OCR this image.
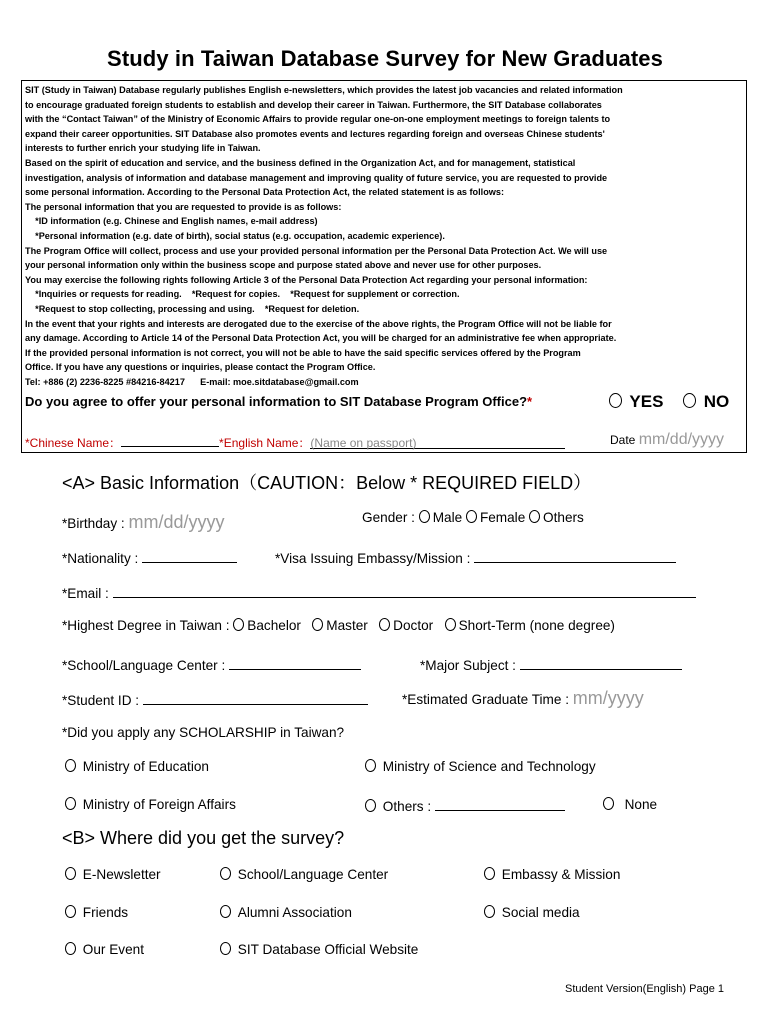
Study in Taiwan Database Survey for New Graduates
SIT (Study in Taiwan) Database regularly publishes English e-newsletters, which provides the latest job vacancies and related information
to encourage graduated foreign students to establish and develop their career in Taiwan. Furthermore, the SIT Database collaborates
with the “Contact Taiwan” of the Ministry of Economic Affairs to provide regular one-on-one employment meetings to foreign talents to
expand their career opportunities. SIT Database also promotes events and lectures regarding foreign and overseas Chinese students'
interests to further enrich your studying life in Taiwan.
Based on the spirit of education and service, and the business defined in the Organization Act, and for management, statistical
investigation, analysis of information and database management and improving quality of future service, you are requested to provide
some personal information. According to the Personal Data Protection Act, the related statement is as follows:
The personal information that you are requested to provide is as follows:
*ID information (e.g. Chinese and English names, e-mail address)
*Personal information (e.g. date of birth), social status (e.g. occupation, academic experience).
The Program Office will collect, process and use your provided personal information per the Personal Data Protection Act. We will use
your personal information only within the business scope and purpose stated above and never use for other purposes.
You may exercise the following rights following Article 3 of the Personal Data Protection Act regarding your personal information:
*Inquiries or requests for reading.    *Request for copies.    *Request for supplement or correction.
*Request to stop collecting, processing and using.    *Request for deletion.
In the event that your rights and interests are derogated due to the exercise of the above rights, the Program Office will not be liable for
any damage. According to Article 14 of the Personal Data Protection Act, you will be charged for an administrative fee when appropriate.
If the provided personal information is not correct, you will not be able to have the said specific services offered by the Program
Office. If you have any questions or inquiries, please contact the Program Office.
Tel: +886 (2) 2236-8225 #84216-84217      E-mail: moe.sitdatabase@gmail.com
Do you agree to offer your personal information to SIT Database Program Office?*	YES	NO
*Chinese Name：	*English Name：(Name on passport)	Date mm/dd/yyyy
<A> Basic Information（CAUTION：Below * REQUIRED FIELD）
*Birthday : mm/dd/yyyy	Gender : Male Female Others
*Nationality :	*Visa Issuing Embassy/Mission :
*Email :
*Highest Degree in Taiwan : Bachelor Master Doctor Short-Term (none degree)
*School/Language Center :	*Major Subject :
*Student ID :	*Estimated Graduate Time : mm/yyyy
*Did you apply any SCHOLARSHIP in Taiwan?
Ministry of Education	Ministry of Science and Technology
Ministry of Foreign Affairs	Others :	None
<B> Where did you get the survey?
E-Newsletter	School/Language Center	Embassy & Mission
Friends	Alumni Association	Social media
Our Event	SIT Database Official Website
Student Version(English) Page 1
